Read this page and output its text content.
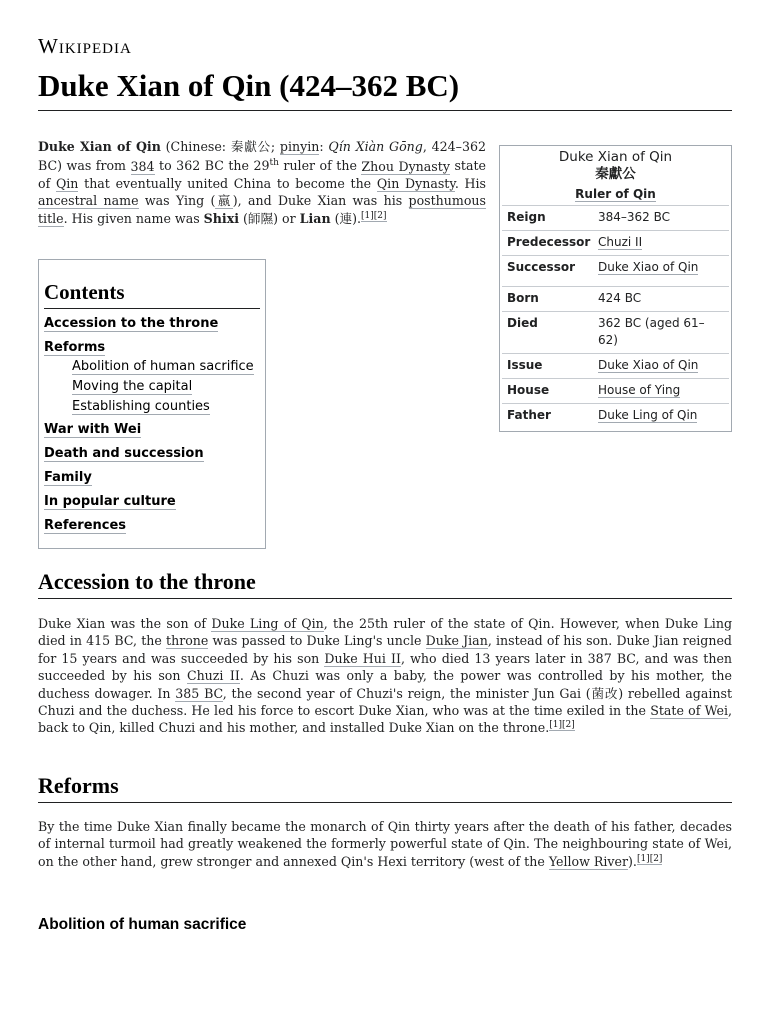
Wikipedia
Duke Xian of Qin (424–362 BC)

Duke Xian of Qin (Chinese: 秦獻公; pinyin: Qín Xiàn Gōng, 424–362 BC) was from 384 to 362 BC the 29th ruler of the Zhou Dynasty state of Qin that eventually united China to become the Qin Dynasty. His ancestral name was Ying (嬴), and Duke Xian was his posthumous title. His given name was Shixi (師隰) or Lian (連).[1][2]

Contents
Accession to the throne
Reforms
Abolition of human sacrifice
Moving the capital
Establishing counties
War with Wei
Death and succession
Family
In popular culture
References
Duke Xian of Qin
秦獻公
Ruler of Qin
Reign	384–362 BC
Predecessor Chuzi II
Successor	Duke Xiao of Qin
Born	424 BC
Died	362 BC (aged 61–62)
Issue	Duke Xiao of Qin
House	House of Ying
Father	Duke Ling of Qin
Accession to the throne

Duke Xian was the son of Duke Ling of Qin, the 25th ruler of the state of Qin. However, when Duke Ling died in 415 BC, the throne was passed to Duke Ling's uncle Duke Jian, instead of his son. Duke Jian reigned for 15 years and was succeeded by his son Duke Hui II, who died 13 years later in 387 BC, and was then succeeded by his son Chuzi II. As Chuzi was only a baby, the power was controlled by his mother, the duchess dowager. In 385 BC, the second year of Chuzi's reign, the minister Jun Gai (菌改) rebelled against Chuzi and the duchess. He led his force to escort Duke Xian, who was at the time exiled in the State of Wei, back to Qin, killed Chuzi and his mother, and installed Duke Xian on the throne.[1][2]

Reforms

By the time Duke Xian finally became the monarch of Qin thirty years after the death of his father, decades of internal turmoil had greatly weakened the formerly powerful state of Qin. The neighbouring state of Wei, on the other hand, grew stronger and annexed Qin's Hexi territory (west of the Yellow River).[1][2]

Abolition of human sacrifice
